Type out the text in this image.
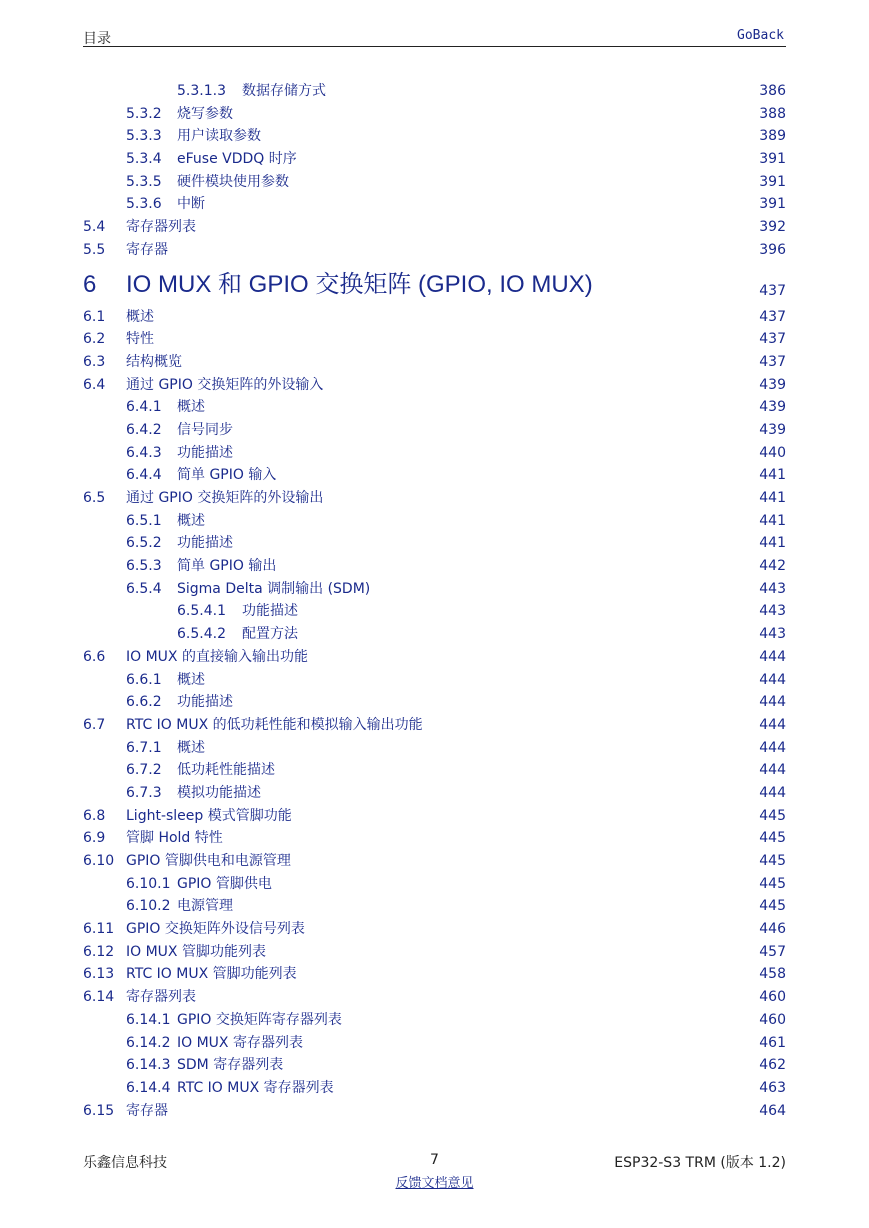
目录	GoBack
5.3.1.3 数据存储方式	386
5.3.2 烧写参数	388
5.3.3 用户读取参数	389
5.3.4 eFuse VDDQ 时序	391
5.3.5 硬件模块使用参数	391
5.3.6 中断	391
5.4 寄存器列表	392
5.5 寄存器	396
6 IO MUX 和 GPIO 交换矩阵 (GPIO, IO MUX)	437
6.1 概述	437
6.2 特性	437
6.3 结构概览	437
6.4 通过 GPIO 交换矩阵的外设输入	439
6.4.1 概述	439
6.4.2 信号同步	439
6.4.3 功能描述	440
6.4.4 简单 GPIO 输入	441
6.5 通过 GPIO 交换矩阵的外设输出	441
6.5.1 概述	441
6.5.2 功能描述	441
6.5.3 简单 GPIO 输出	442
6.5.4 Sigma Delta 调制输出 (SDM)	443
6.5.4.1 功能描述	443
6.5.4.2 配置方法	443
6.6 IO MUX 的直接输入输出功能	444
6.6.1 概述	444
6.6.2 功能描述	444
6.7 RTC IO MUX 的低功耗性能和模拟输入输出功能	444
6.7.1 概述	444
6.7.2 低功耗性能描述	444
6.7.3 模拟功能描述	444
6.8 Light-sleep 模式管脚功能	445
6.9 管脚 Hold 特性	445
6.10 GPIO 管脚供电和电源管理	445
6.10.1 GPIO 管脚供电	445
6.10.2 电源管理	445
6.11 GPIO 交换矩阵外设信号列表	446
6.12 IO MUX 管脚功能列表	457
6.13 RTC IO MUX 管脚功能列表	458
6.14 寄存器列表	460
6.14.1 GPIO 交换矩阵寄存器列表	460
6.14.2 IO MUX 寄存器列表	461
6.14.3 SDM 寄存器列表	462
6.14.4 RTC IO MUX 寄存器列表	463
6.15 寄存器	464
乐鑫信息科技	7	ESP32-S3 TRM (版本 1.2)
反馈文档意见
